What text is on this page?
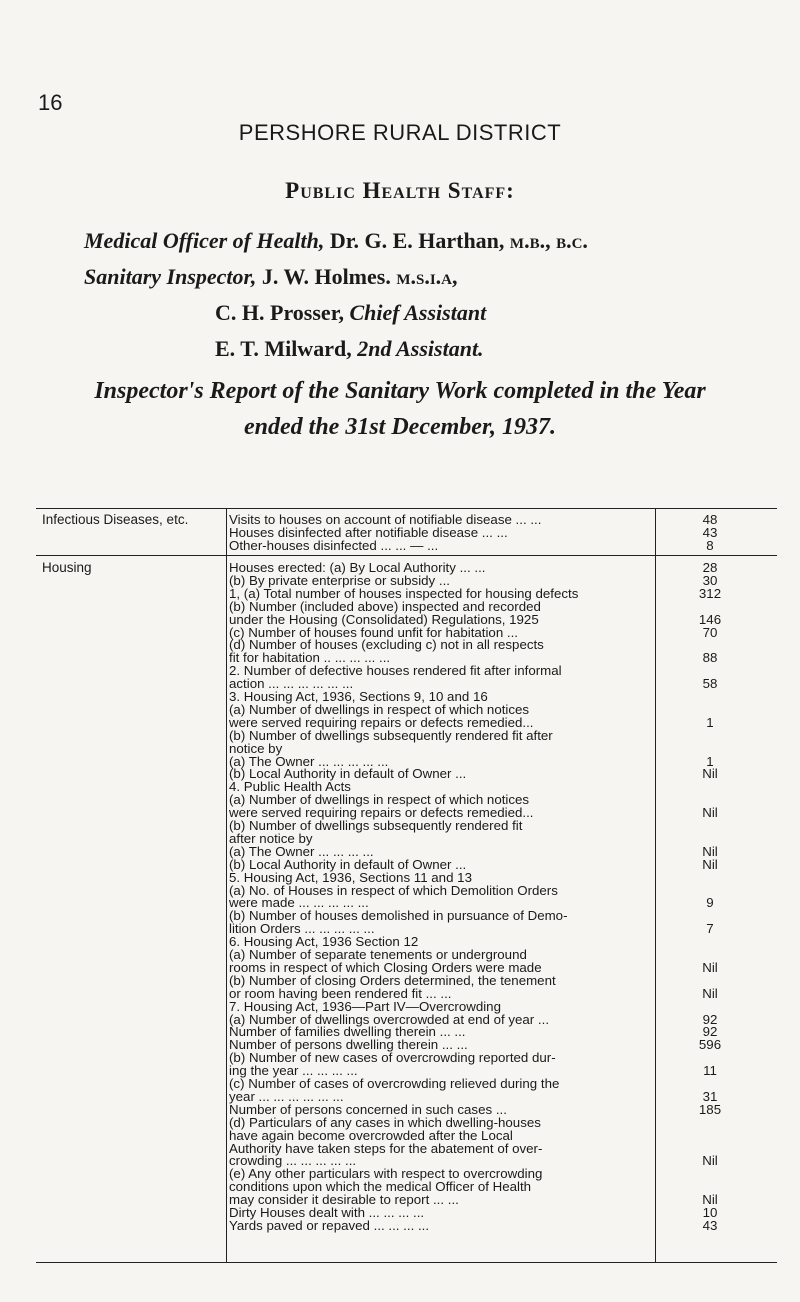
16
PERSHORE RURAL DISTRICT
Public Health Staff:
Medical Officer of Health, Dr. G. E. Harthan, m.b., b.c.
Sanitary Inspector, J. W. Holmes. m.s.i.a,
C. H. Prosser, Chief Assistant
E. T. Milward, 2nd Assistant.
Inspector's Report of the Sanitary Work completed in the Year
ended the 31st December, 1937.
Infectious Diseases, etc.
Housing
Visits to houses on account of notifiable disease ... ...	48
Houses disinfected after notifiable disease ... ...	43
Other-houses disinfected ... ... — ...	8
Houses erected: (a) By Local Authority ... ...	28
(b) By private enterprise or subsidy ...	30
1, (a) Total number of houses inspected for housing defects	312
(b) Number (included above) inspected and recorded
under the Housing (Consolidated) Regulations, 1925	146
(c) Number of houses found unfit for habitation ...	70
(d) Number of houses (excluding c) not in all respects
fit for habitation .. ... ... ... ...	88
2. Number of defective houses rendered fit after informal
action ... ... ... ... ... ...	58
3. Housing Act, 1936, Sections 9, 10 and 16
(a) Number of dwellings in respect of which notices
were served requiring repairs or defects remedied...	1
(b) Number of dwellings subsequently rendered fit after
notice by
(a) The Owner ... ... ... ... ...	1
(b) Local Authority in default of Owner ...	Nil
4. Public Health Acts
(a) Number of dwellings in respect of which notices
were served requiring repairs or defects remedied...	Nil
(b) Number of dwellings subsequently rendered fit
after notice by
(a) The Owner ... ... ... ...	Nil
(b) Local Authority in default of Owner ...	Nil
5. Housing Act, 1936, Sections 11 and 13
(a) No. of Houses in respect of which Demolition Orders
were made ... ... ... ... ...	9
(b) Number of houses demolished in pursuance of Demo-
lition Orders ... ... ... ... ...	7
6. Housing Act, 1936 Section 12
(a) Number of separate tenements or underground
rooms in respect of which Closing Orders were made	Nil
(b) Number of closing Orders determined, the tenement
or room having been rendered fit ... ...	Nil
7. Housing Act, 1936—Part IV—Overcrowding
(a) Number of dwellings overcrowded at end of year ...	92
Number of families dwelling therein ... ...	92
Number of persons dwelling therein ... ...	596
(b) Number of new cases of overcrowding reported dur-
ing the year ... ... ... ...	11
(c) Number of cases of overcrowding relieved during the
year ... ... ... ... ... ...	31
Number of persons concerned in such cases ...	185
(d) Particulars of any cases in which dwelling-houses
have again become overcrowded after the Local
Authority have taken steps for the abatement of over-
crowding ... ... ... ... ...	Nil
(e) Any other particulars with respect to overcrowding
conditions upon which the medical Officer of Health
may consider it desirable to report ... ...	Nil
Dirty Houses dealt with ... ... ... ...	10
Yards paved or repaved ... ... ... ...	43
